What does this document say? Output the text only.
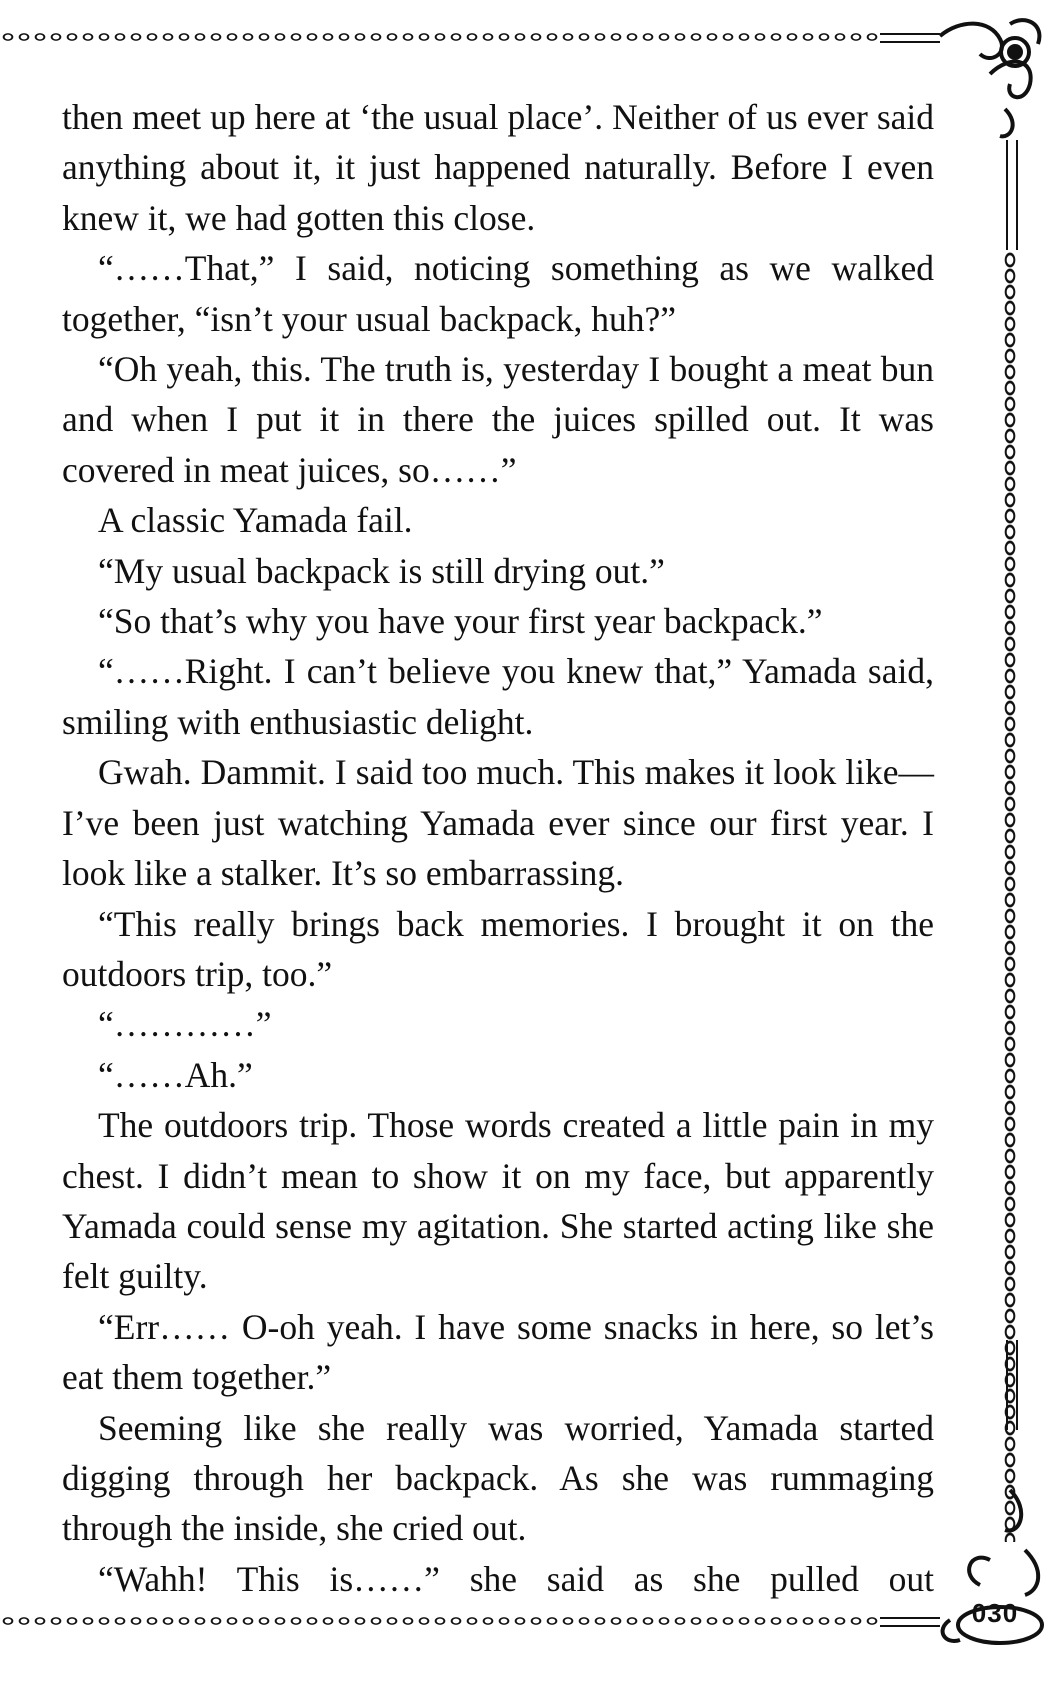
then meet up here at ‘the usual place’. Neither of us ever said anything about it, it just happened naturally. Before I even knew it, we had gotten this close.

“……That,” I said, noticing something as we walked together, “isn’t your usual backpack, huh?”

“Oh yeah, this. The truth is, yesterday I bought a meat bun and when I put it in there the juices spilled out. It was covered in meat juices, so……”

A classic Yamada fail.

“My usual backpack is still drying out.”

“So that’s why you have your first year backpack.”

“……Right. I can’t believe you knew that,” Yamada said, smiling with enthusiastic delight.

Gwah. Dammit. I said too much. This makes it look like— I’ve been just watching Yamada ever since our first year. I look like a stalker. It’s so embarrassing.

“This really brings back memories. I brought it on the outdoors trip, too.”

“…………”

“……Ah.”

The outdoors trip. Those words created a little pain in my chest. I didn’t mean to show it on my face, but apparently Yamada could sense my agitation. She started acting like she felt guilty.

“Err…… O-oh yeah. I have some snacks in here, so let’s eat them together.”

Seeming like she really was worried, Yamada started digging through her backpack. As she was rummaging through the inside, she cried out.

“Wahh! This is……” she said as she pulled out

030
